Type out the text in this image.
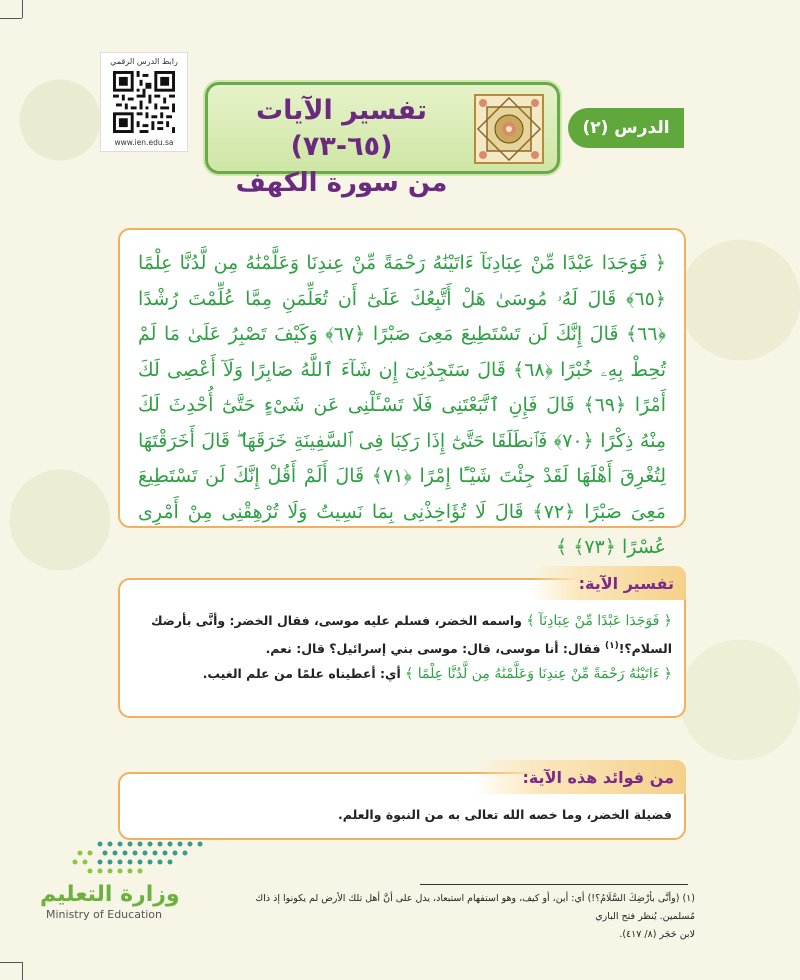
رابط الدرس الرقمي
www.ien.edu.sa
تفسير الآيات (٦٥-٧٣)
من سورة الكهف
الدرس (٢)

﴿ فَوَجَدَا عَبْدًا مِّنْ عِبَادِنَآ ءَاتَيْنَٰهُ رَحْمَةً مِّنْ عِندِنَا وَعَلَّمْنَٰهُ مِن لَّدُنَّا عِلْمًا ﴿٦٥﴾ قَالَ لَهُۥ مُوسَىٰ هَلْ أَتَّبِعُكَ عَلَىٰٓ أَن تُعَلِّمَنِ مِمَّا عُلِّمْتَ رُشْدًا ﴿٦٦﴾ قَالَ إِنَّكَ لَن تَسْتَطِيعَ مَعِىَ صَبْرًا ﴿٦٧﴾ وَكَيْفَ تَصْبِرُ عَلَىٰ مَا لَمْ تُحِطْ بِهِۦ خُبْرًا ﴿٦٨﴾ قَالَ سَتَجِدُنِىٓ إِن شَآءَ ٱللَّهُ صَابِرًا وَلَآ أَعْصِى لَكَ أَمْرًا ﴿٦٩﴾ قَالَ فَإِنِ ٱتَّبَعْتَنِى فَلَا تَسْـَٔلْنِى عَن شَىْءٍ حَتَّىٰٓ أُحْدِثَ لَكَ مِنْهُ ذِكْرًا ﴿٧٠﴾ فَٱنطَلَقَا حَتَّىٰٓ إِذَا رَكِبَا فِى ٱلسَّفِينَةِ خَرَقَهَا ۖ قَالَ أَخَرَقْتَهَا لِتُغْرِقَ أَهْلَهَا لَقَدْ جِئْتَ شَيْـًٔا إِمْرًا ﴿٧١﴾ قَالَ أَلَمْ أَقُلْ إِنَّكَ لَن تَسْتَطِيعَ مَعِىَ صَبْرًا ﴿٧٢﴾ قَالَ لَا تُؤَاخِذْنِى بِمَا نَسِيتُ وَلَا تُرْهِقْنِى مِنْ أَمْرِى عُسْرًا ﴿٧٣﴾ ﴾

تفسير الآية:
﴿ فَوَجَدَا عَبْدًا مِّنْ عِبَادِنَآ ﴾ واسمه الخضر، فسلم عليه موسى، فقال الخضر: وأنَّى بأرضك السلام؟!$^{(١)}$ فقال: أنا موسى، قال: موسى بني إسرائيل؟ قال: نعم.
﴿ ءَاتَيْنَٰهُ رَحْمَةً مِّنْ عِندِنَا وَعَلَّمْنَٰهُ مِن لَّدُنَّا عِلْمًا ﴾ أي: أعطيناه علمًا من علم الغيب.
من فوائد هذه الآية:
فضيلة الخضر، وما خصه الله تعالى به من النبوة والعلم.
وزارة التعليم
Ministry of Education
(١) (وأنَّى بأرْضِكَ السَّلَامُ؟!) أي: أين، أو كيف، وهو استفهام استبعاد، يدل على أنَّ أهل تلك الأرض لم يكونوا إذ ذاك مُسلمين. يُنظر فتح الباري
لابن حَجَر (٨/ ٤١٧).
